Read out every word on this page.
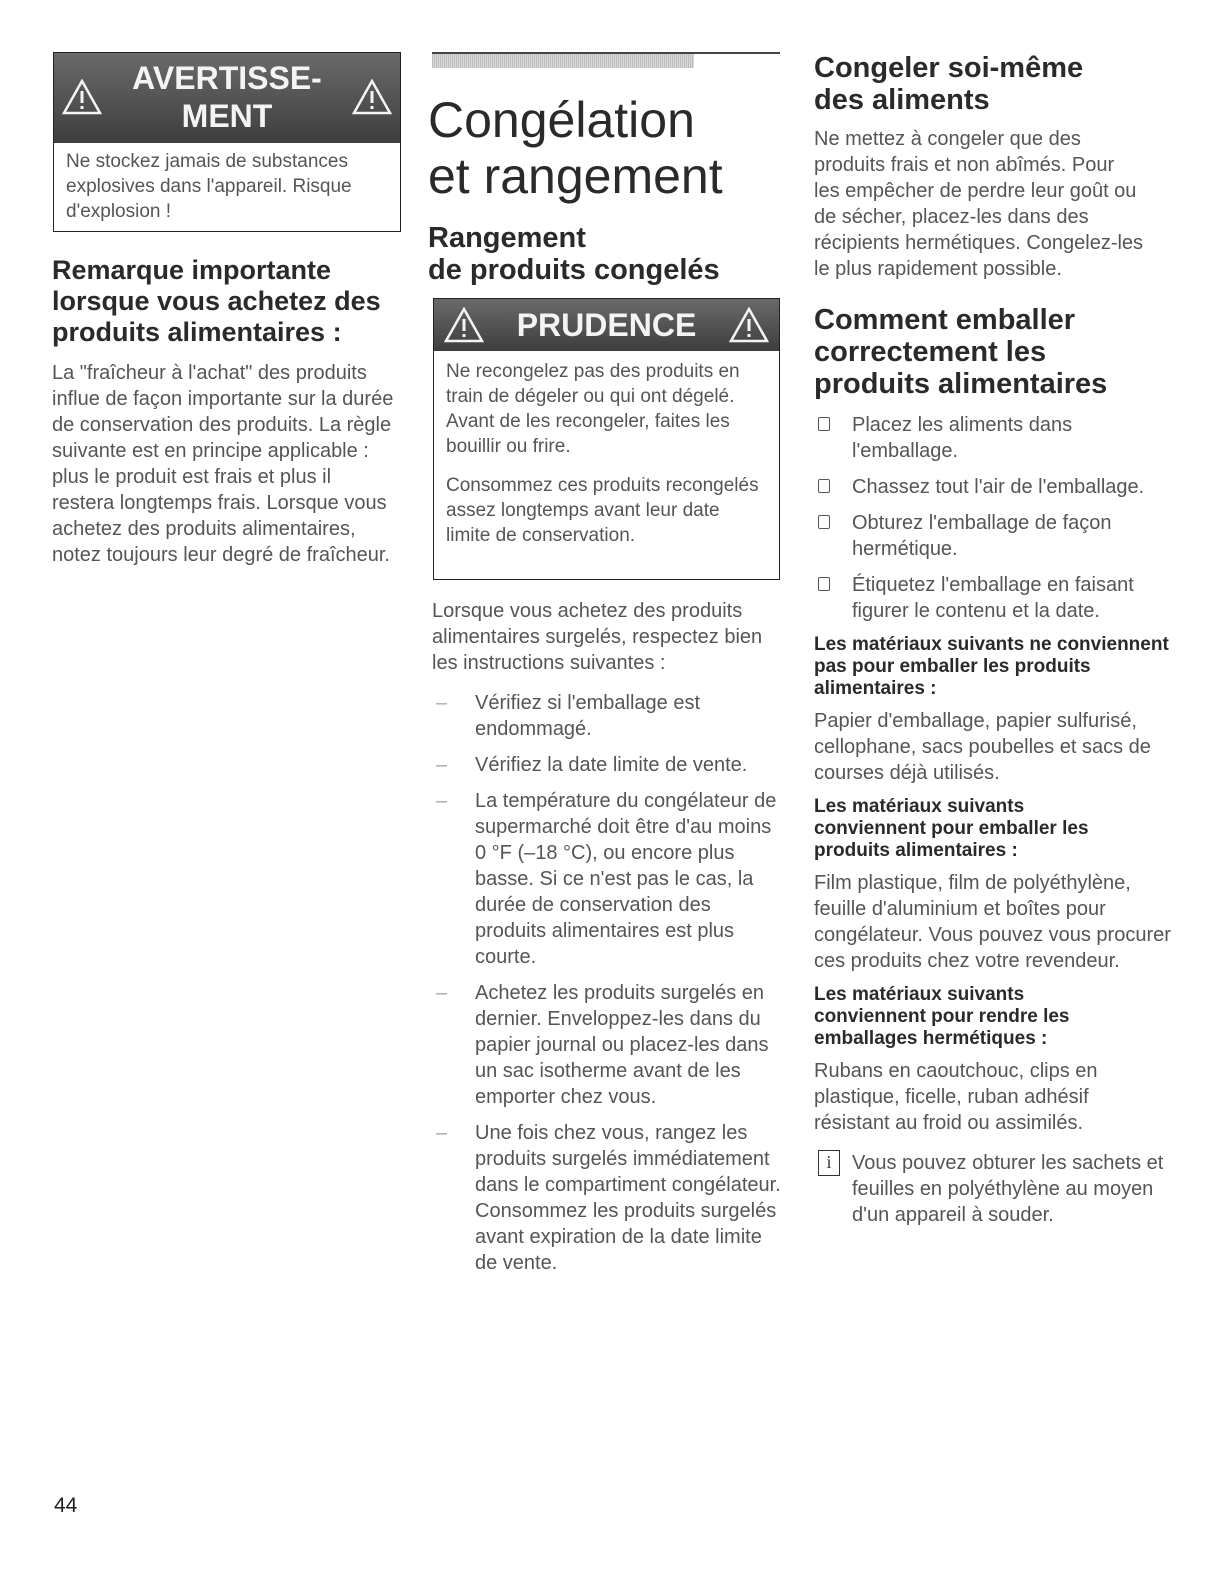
AVERTISSE-
MENT
Ne stockez jamais de substances explosives dans l'appareil. Risque d'explosion !
Remarque importante lorsque vous achetez des produits alimentaires :

La "fraîcheur à l'achat" des produits influe de façon importante sur la durée de conservation des produits. La règle suivante est en principe applicable : plus le produit est frais et plus il restera longtemps frais. Lorsque vous achetez des produits alimentaires, notez toujours leur degré de fraîcheur.

Congélation
et rangement
Rangement
de produits congelés
PRUDENCE
Ne recongelez pas des produits en train de dégeler ou qui ont dégelé. Avant de les recongeler, faites les bouillir ou frire.
Consommez ces produits recongelés assez longtemps avant leur date limite de conservation.

Lorsque vous achetez des produits alimentaires surgelés, respectez bien les instructions suivantes :

– Vérifiez si l'emballage est endommagé.
– Vérifiez la date limite de vente.
– La température du congélateur de supermarché doit être d'au moins 0 °F (–18 °C), ou encore plus basse. Si ce n'est pas le cas, la durée de conservation des produits alimentaires est plus courte.
– Achetez les produits surgelés en dernier. Enveloppez-les dans du papier journal ou placez-les dans un sac isotherme avant de les emporter chez vous.
– Une fois chez vous, rangez les produits surgelés immédiatement dans le compartiment congélateur. Consommez les produits surgelés avant expiration de la date limite de vente.
Congeler soi-même des aliments

Ne mettez à congeler que des produits frais et non abîmés. Pour les empêcher de perdre leur goût ou de sécher, placez-les dans des récipients hermétiques. Congelez-les le plus rapidement possible.

Comment emballer correctement les produits alimentaires
Placez les aliments dans l'emballage.
Chassez tout l'air de l'emballage.
Obturez l'emballage de façon hermétique.
Étiquetez l'emballage en faisant figurer le contenu et la date.
Les matériaux suivants ne conviennent pas pour emballer les produits alimentaires :

Papier d'emballage, papier sulfurisé, cellophane, sacs poubelles et sacs de courses déjà utilisés.

Les matériaux suivants conviennent pour emballer les produits alimentaires :

Film plastique, film de polyéthylène, feuille d'aluminium et boîtes pour congélateur. Vous pouvez vous procurer ces produits chez votre revendeur.

Les matériaux suivants conviennent pour rendre les emballages hermétiques :

Rubans en caoutchouc, clips en plastique, ficelle, ruban adhésif résistant au froid ou assimilés.

i	Vous pouvez obturer les sachets et feuilles en polyéthylène au moyen d'un appareil à souder.

44
